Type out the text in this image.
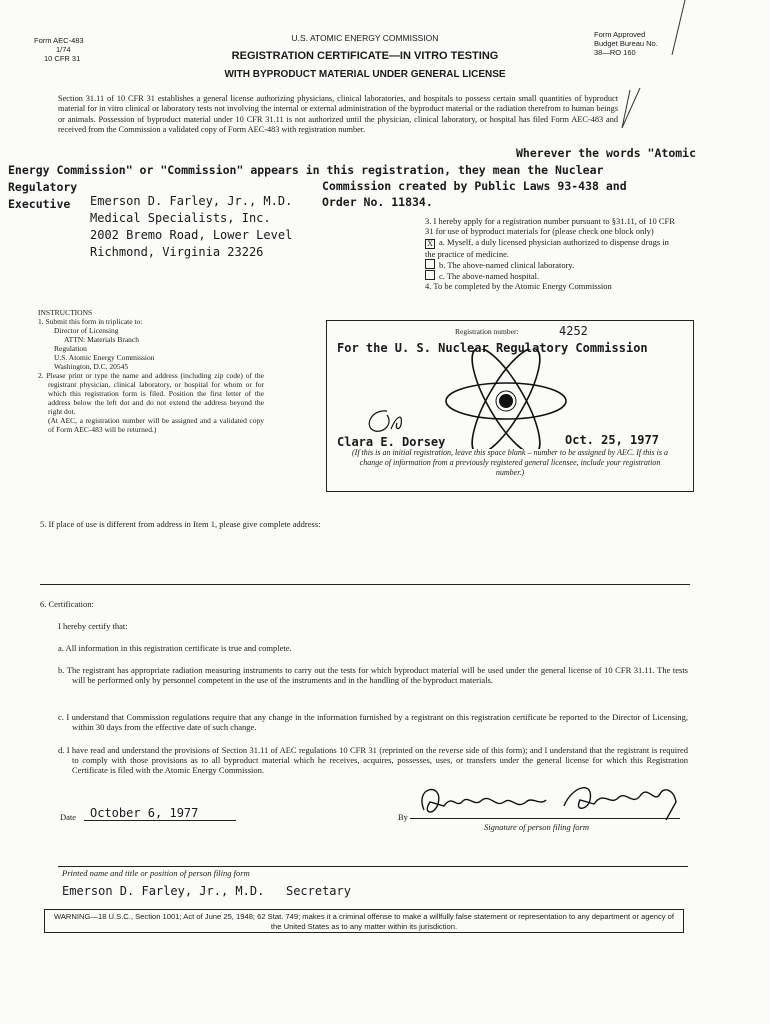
Form AEC-483
1/74
10 CFR 31
U.S. ATOMIC ENERGY COMMISSION
REGISTRATION CERTIFICATE—IN VITRO TESTING
WITH BYPRODUCT MATERIAL UNDER GENERAL LICENSE
Form Approved
Budget Bureau No.
38—RO 160
Section 31.11 of 10 CFR 31 establishes a general license authorizing physicians, clinical laboratories, and hospitals to possess certain small quantities of byproduct material for in vitro clinical or laboratory tests not involving the internal or external administration of the byproduct material or the radiation therefrom to human beings or animals. Possession of byproduct material under 10 CFR 31.11 is not authorized until the physician, clinical laboratory, or hospital has filed Form AEC-483 and received from the Commission a validated copy of Form AEC-483 with registration number.
Wherever the words "Atomic
Energy Commission" or "Commission" appears in this registration, they mean the Nuclear
Regulatory	Commission created by Public Laws 93-438 and
Executive	Order No. 11834.
Emerson D. Farley, Jr., M.D.
Medical Specialists, Inc.
2002 Bremo Road, Lower Level
Richmond, Virginia 23226
3. I hereby apply for a registration number pursuant to §31.11, of 10 CFR 31 for use of byproduct materials for (please check one block only)
X a. Myself, a duly licensed physician authorized to dispense drugs in the practice of medicine.
b. The above-named clinical laboratory.
c. The above-named hospital.
4. To be completed by the Atomic Energy Commission
INSTRUCTIONS
1. Submit this form in triplicate to:
Director of Licensing
ATTN: Materials Branch
Regulation
U.S. Atomic Energy Commission
Washington, D.C. 20545
2. Please print or type the name and address (including zip code) of the registrant physician, clinical laboratory, or hospital for whom or for which this registration form is filed. Position the first letter of the address below the left dot and do not extend the address beyond the right dot.
(At AEC, a registration number will be assigned and a validated copy of Form AEC-483 will be returned.)
Registration number:	4252
For the U. S. Nuclear Regulatory Commission
Clara E. Dorsey	Oct. 25, 1977
(If this is an initial registration, leave this space blank – number to be assigned by AEC. If this is a change of information from a previously registered general licensee, include your registration number.)
5. If place of use is different from address in Item 1, please give complete address:
6. Certification:
I hereby certify that:
a. All information in this registration certificate is true and complete.
b. The registrant has appropriate radiation measuring instruments to carry out the tests for which byproduct material will be used under the general license of 10 CFR 31.11. The tests will be performed only by personnel competent in the use of the instruments and in the handling of the byproduct materials.
c. I understand that Commission regulations require that any change in the information furnished by a registrant on this registration certificate be reported to the Director of Licensing, within 30 days from the effective date of such change.
d. I have read and understand the provisions of Section 31.11 of AEC regulations 10 CFR 31 (reprinted on the reverse side of this form); and I understand that the registrant is required to comply with those provisions as to all byproduct material which he receives, acquires, possesses, uses, or transfers under the general license for which this Registration Certificate is filed with the Atomic Energy Commission.
Date	October 6, 1977	By
Signature of person filing form
Printed name and title or position of person filing form
Emerson D. Farley, Jr., M.D.   Secretary
WARNING—18 U.S.C., Section 1001; Act of June 25, 1948; 62 Stat. 749; makes it a criminal offense to make a willfully false statement or representation to any department or agency of the United States as to any matter within its jurisdiction.
